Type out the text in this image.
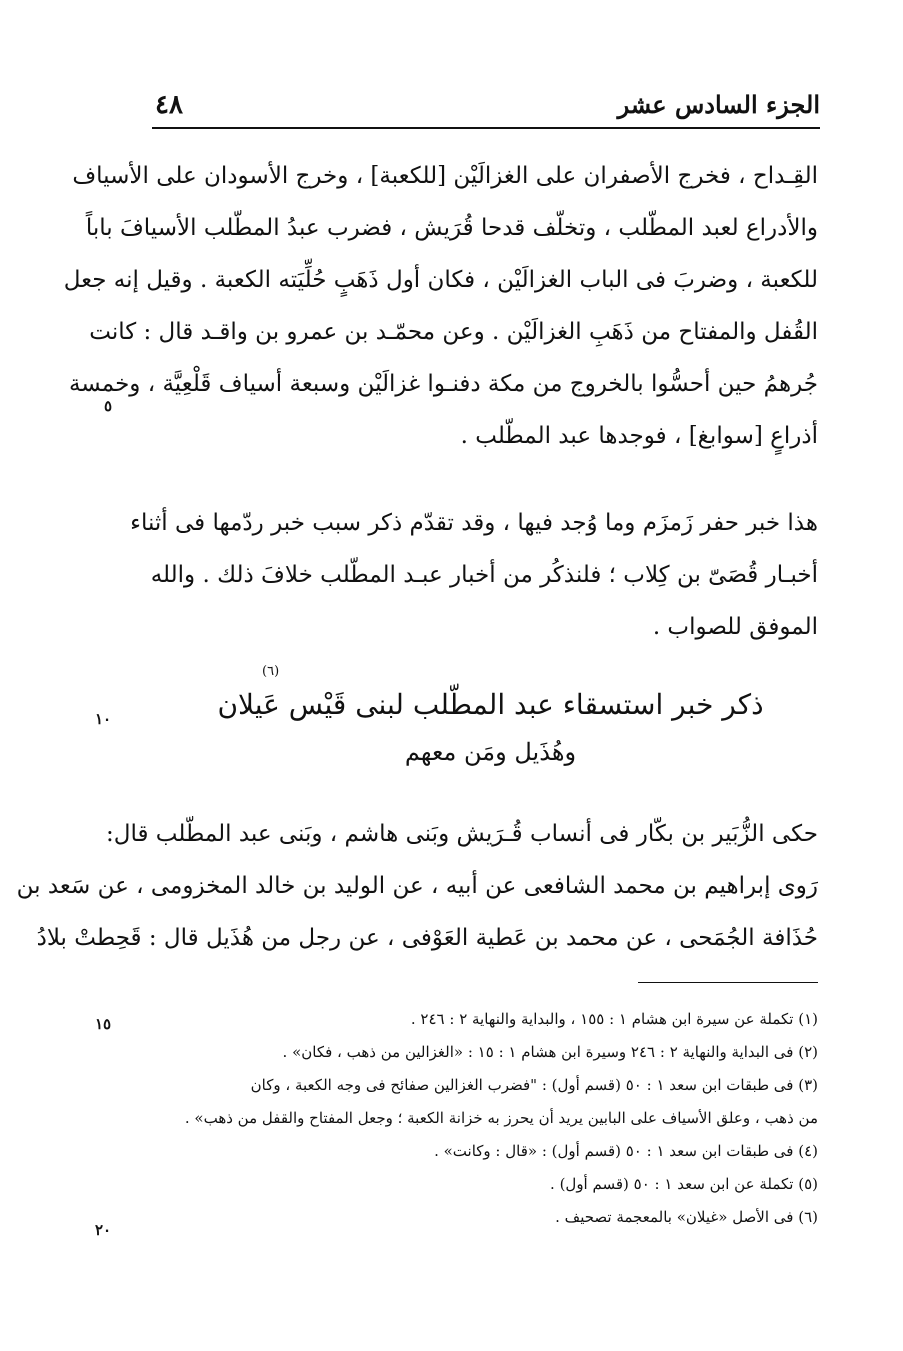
٤٨	الجزء السادس عشر
القِـداح ، فخرج الأصفران على الغزالَيْن [للكعبة] ، وخرج الأسودان على الأسياف
والأدراع لعبد المطّلب ، وتخلّف قدحا قُرَيش ، فضرب عبدُ المطّلب الأسيافَ باباً
للكعبة ، وضربَ فى الباب الغزالَيْن ، فكان أول ذَهَبٍ حُلِّيَته الكعبة . وقيل إنه جعل
القُفل والمفتاح من ذَهَبِ الغزالَيْن . وعن محمّـد بن عمرو بن واقـد قال : كانت
جُرهمُ حين أحسُّوا بالخروج من مكة دفنـوا غزالَيْن وسبعة أسياف قَلْعِيَّة ، وخمسة
أذراعٍ [سوابغ] ، فوجدها عبد المطّلب .
هذا خبر حفر زَمزَم وما وُجد فيها ، وقد تقدّم ذكر سبب خبر ردّمها فى أثناء
أخبـار قُصَىّ بن كِلاب ؛ فلنذكُر من أخبار عبـد المطّلب خلافَ ذلك . والله
الموفق للصواب .
(٦)
ذكر خبر استسقاء عبد المطّلب لبنى قَيْس عَيلان
وهُذَيل ومَن معهم
حكى الزُّبَير بن بكّار فى أنساب قُـرَيش وبَنى هاشم ، وبَنى عبد المطّلب قال:
رَوى إبراهيم بن محمد الشافعى عن أبيه ، عن الوليد بن خالد المخزومى ، عن سَعد بن
حُذَافة الجُمَحى ، عن محمد بن عَطية العَوْفى ، عن رجل من هُذَيل قال : قَحِطتْ بلادُ
(١) تكملة عن سيرة ابن هشام ١ : ١٥٥ ، والبداية والنهاية ٢ : ٢٤٦ .
(٢) فى البداية والنهاية ٢ : ٢٤٦ وسيرة ابن هشام ١ : ١٥ : «الغزالين من ذهب ، فكان» .
(٣) فى طبقات ابن سعد ١ : ٥٠ (قسم أول) : "فضرب الغزالين صفائح فى وجه الكعبة ، وكان
من ذهب ، وعلق الأسياف على البابين يريد أن يحرز به خزانة الكعبة ؛ وجعل المفتاح والقفل من ذهب» .
(٤) فى طبقات ابن سعد ١ : ٥٠ (قسم أول) : «قال : وكانت» .
(٥) تكملة عن ابن سعد ١ : ٥٠ (قسم أول) .
(٦) فى الأصل «غيلان» بالمعجمة تصحيف .
٥
١٠
١٥
٢٠
